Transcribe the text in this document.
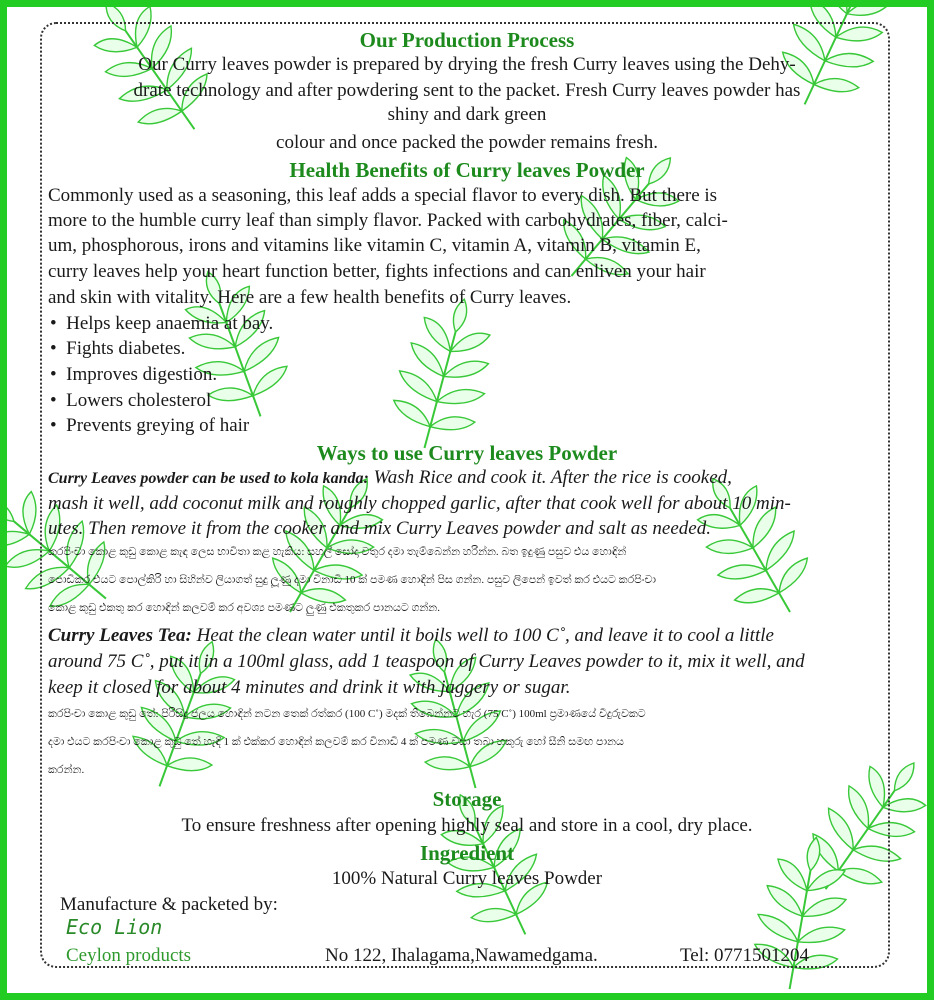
Our Production Process
Our Curry leaves powder is prepared by drying the fresh Curry leaves using the Dehy-
drate technology and after powdering sent to the packet. Fresh Curry leaves powder has
shiny and dark green
colour and once packed the powder remains fresh.
Health Benefits of Curry leaves Powder
Commonly used as a seasoning, this leaf adds a special flavor to every dish. But there is
more to the humble curry leaf than simply flavor. Packed with carbohydrates, fiber, calci-
um, phosphorous, irons and vitamins like vitamin C, vitamin A, vitamin B, vitamin E,
curry leaves help your heart function better, fights infections and can enliven your hair
and skin with vitality. Here are a few health benefits of Curry leaves.
•  Helps keep anaemia at bay.
•  Fights diabetes.
•  Improves digestion.
•  Lowers cholesterol
•  Prevents greying of hair
Ways to use Curry leaves Powder
Curry Leaves powder can be used to kola kanda: Wash Rice and cook it. After the rice is cooked,
mash it well, add coconut milk and roughly chopped garlic, after that cook well for about 10 min-
utes. Then remove it from the cooker and mix Curry Leaves powder and salt as needed.
කරපිංචා කොළ කුඩු කොළ කැඳ ලෙස භාවිතා කළ හැකිය: සහල් සෝදා වතුර දමා තැම්බෙන්න හරින්න. බත ඉදුණු පසුව එය හොඳින්
පොඩිකර එයට පොල්කිරි හා සිහින්ව ලියාගත් සුදු ලූණු දමා විනාඩි 10 ක් පමණ හොඳින් පිස ගන්න. පසුව ලිපෙන් ඉවත් කර එයට කරපිංචා
කොළ කුඩු එකතු කර හොඳින් කලවම් කර අවශ්‍ය පමණට ලුණු එකතුකර පානයට ගන්න.
Curry Leaves Tea: Heat the clean water until it boils well to 100 C˚, and leave it to cool a little
around 75 C˚, put it in a 100ml glass, add 1 teaspoon of Curry Leaves powder to it, mix it well, and
keep it closed for about 4 minutes and drink it with jaggery or sugar.
කරපිංචා කොළ කුඩු තේ: පිරිසිදු ජලය හොඳින් නටන තෙක් රත්කර (100 C˚) මදක් තිබෙන්නට හැර (75 C˚) 100ml ප්‍රමාණයේ වීදුරුවකට
දමා එයට කරපිංචා කොළ කුඩු තේ හැඳි 1 ක් එක්කර හොඳින් කලවම් කර විනාඩි 4 ක් පමණ වසා තබා හකුරු හෝ සීනි සමඟ පානය
කරන්න.
Storage
To ensure freshness after opening highly seal and store in a cool, dry place.
Ingredient
100% Natural Curry leaves Powder
Manufacture & packeted by:
Eco Lion
Ceylon products	No 122, Ihalagama,Nawamedgama.	Tel: 0771501204
